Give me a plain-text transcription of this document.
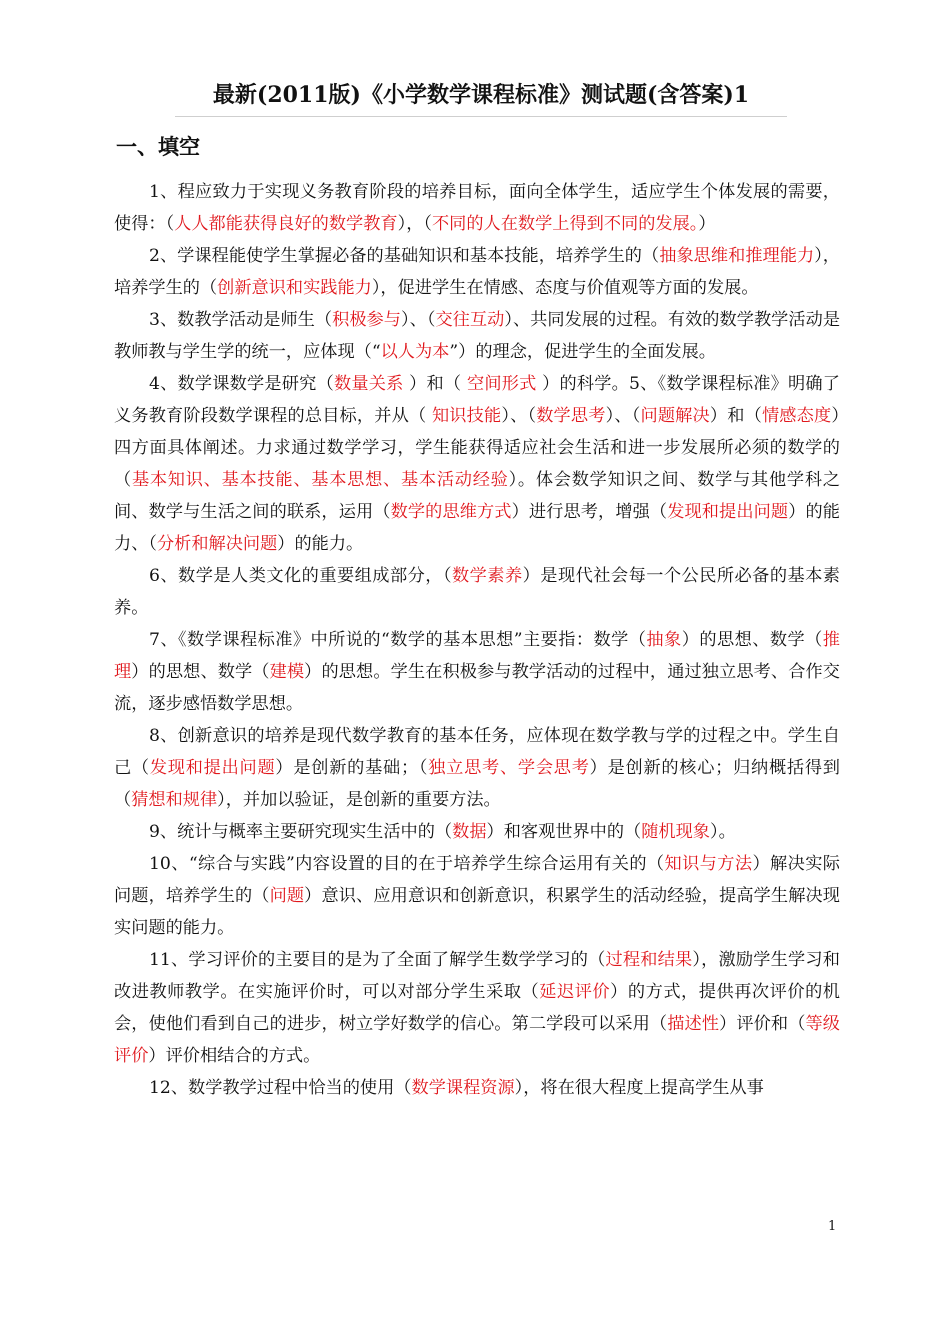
最新(2011版)《小学数学课程标准》测试题(含答案)1
一、填空

1、程应致力于实现义务教育阶段的培养目标，面向全体学生，适应学生个体发展的需要，使得：（人人都能获得良好的数学教育），（不同的人在数学上得到不同的发展。）

2、学课程能使学生掌握必备的基础知识和基本技能，培养学生的（抽象思维和推理能力），培养学生的（创新意识和实践能力），促进学生在情感、态度与价值观等方面的发展。

3、数教学活动是师生（积极参与）、（交往互动）、共同发展的过程。有效的数学教学活动是教师教与学生学的统一，应体现（“以人为本”）的理念，促进学生的全面发展。

4、数学课数学是研究（数量关系 ）和（ 空间形式 ）的科学。5、《数学课程标准》明确了义务教育阶段数学课程的总目标，并从（ 知识技能）、（数学思考）、（问题解决）和（情感态度）四方面具体阐述。力求通过数学学习，学生能获得适应社会生活和进一步发展所必须的数学的（基本知识、基本技能、基本思想、基本活动经验）。体会数学知识之间、数学与其他学科之间、数学与生活之间的联系，运用（数学的思维方式）进行思考，增强（发现和提出问题）的能力、（分析和解决问题）的能力。

6、数学是人类文化的重要组成部分，（数学素养）是现代社会每一个公民所必备的基本素养。

7、《数学课程标准》中所说的“数学的基本思想”主要指：数学（抽象）的思想、数学（推理）的思想、数学（建模）的思想。学生在积极参与教学活动的过程中，通过独立思考、合作交流，逐步感悟数学思想。

8、创新意识的培养是现代数学教育的基本任务，应体现在数学教与学的过程之中。学生自己（发现和提出问题）是创新的基础；（独立思考、学会思考）是创新的核心；归纳概括得到（猜想和规律），并加以验证，是创新的重要方法。

9、统计与概率主要研究现实生活中的（数据）和客观世界中的（随机现象）。

10、“综合与实践”内容设置的目的在于培养学生综合运用有关的（知识与方法）解决实际问题，培养学生的（问题）意识、应用意识和创新意识，积累学生的活动经验，提高学生解决现实问题的能力。

11、学习评价的主要目的是为了全面了解学生数学学习的（过程和结果），激励学生学习和改进教师教学。在实施评价时，可以对部分学生采取（延迟评价）的方式，提供再次评价的机会，使他们看到自己的进步，树立学好数学的信心。第二学段可以采用（描述性）评价和（等级评价）评价相结合的方式。

12、数学教学过程中恰当的使用（数学课程资源），将在很大程度上提高学生从事

1
